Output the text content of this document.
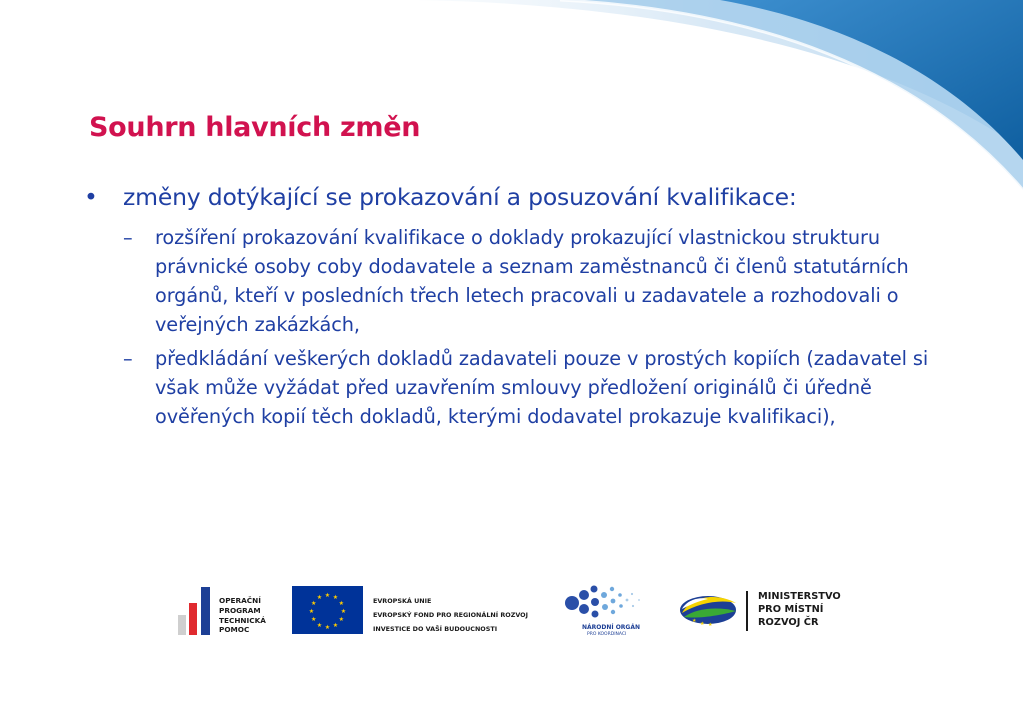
Souhrn hlavních změn
• změny dotýkající se prokazování a posuzování kvalifikace:
– rozšíření prokazování kvalifikace o doklady prokazující vlastnickou strukturu právnické osoby coby dodavatele a seznam zaměstnanců či členů statutárních orgánů, kteří v posledních třech letech pracovali u zadavatele a rozhodovali o veřejných zakázkách,
– předkládání veškerých dokladů zadavateli pouze v prostých kopiích (zadavatel si však může vyžádat před uzavřením smlouvy předložení originálů či úředně ověřených kopií těch dokladů, kterými dodavatel prokazuje kvalifikaci),
OPERAČNÍ
PROGRAM
TECHNICKÁ
POMOC
★ ★
★
★
★
★
★
★
★
★
★
★	EVROPSKÁ UNIE
EVROPSKÝ FOND PRO REGIONÁLNÍ ROZVOJ
INVESTICE DO VAŠÍ BUDOUCNOSTI	NÁRODNÍ ORGÁN
PRO KOORDINACI
★ ★ ★
MINISTERSTVO
PRO MÍSTNÍ
ROZVOJ ČR
